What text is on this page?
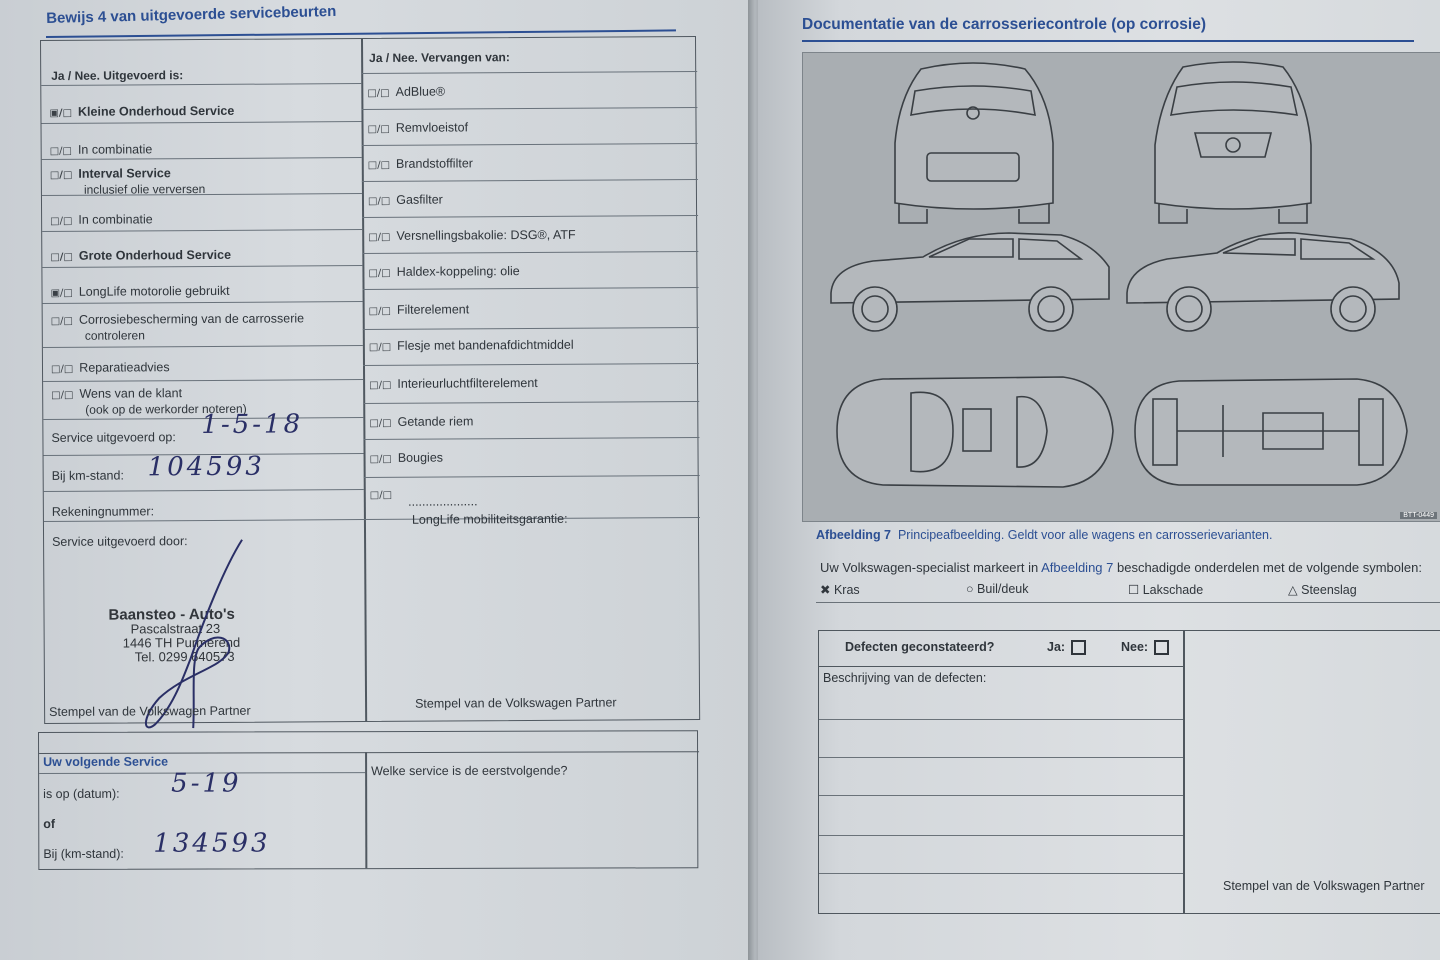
Bewijs 4 van uitgevoerde servicebeurten
Ja / Nee. Uitgevoerd is:
Ja / Nee. Vervangen van:
▣/□ Kleine Onderhoud Service
□/□ In combinatie
□/□ Interval Service
inclusief olie verversen
□/□ In combinatie
□/□ Grote Onderhoud Service
▣/□ LongLife motorolie gebruikt
□/□ Corrosiebescherming van de carrosserie
controleren
□/□ Reparatieadvies
□/□ Wens van de klant
(ook op de werkorder noteren)
□/□ AdBlue®
□/□ Remvloeistof
□/□ Brandstoffilter
□/□ Gasfilter
□/□ Versnellingsbakolie: DSG®, ATF
□/□ Haldex-koppeling: olie
□/□ Filterelement
□/□ Flesje met bandenafdichtmiddel
□/□ Interieurluchtfilterelement
□/□ Getande riem
□/□ Bougies
□/□ ....................
Service uitgevoerd op: 1-5-18
Bij km-stand: 104593
Rekeningnummer:
Service uitgevoerd door:
LongLife mobiliteitsgarantie:
Baansteo - Auto's
Pascalstraat 23
1446 TH Purmerend
Tel. 0299 640573
Stempel van de Volkswagen Partner
Stempel van de Volkswagen Partner
Uw volgende Service
is op (datum): 5-19
of
Bij (km-stand): 134593
Welke service is de eerstvolgende?
Documentatie van de carrosseriecontrole (op corrosie)
BTT-0449
Afbeelding 7 Principeafbeelding. Geldt voor alle wagens en carrosserievarianten.
Uw Volkswagen-specialist markeert in Afbeelding 7 beschadigde onderdelen met de volgende symbolen:
✖ Kras	○ Buil/deuk	☐ Lakschade	△ Steenslag
Defecten geconstateerd?	Ja:	Nee:
Beschrijving van de defecten:
Stempel van de Volkswagen Partner
